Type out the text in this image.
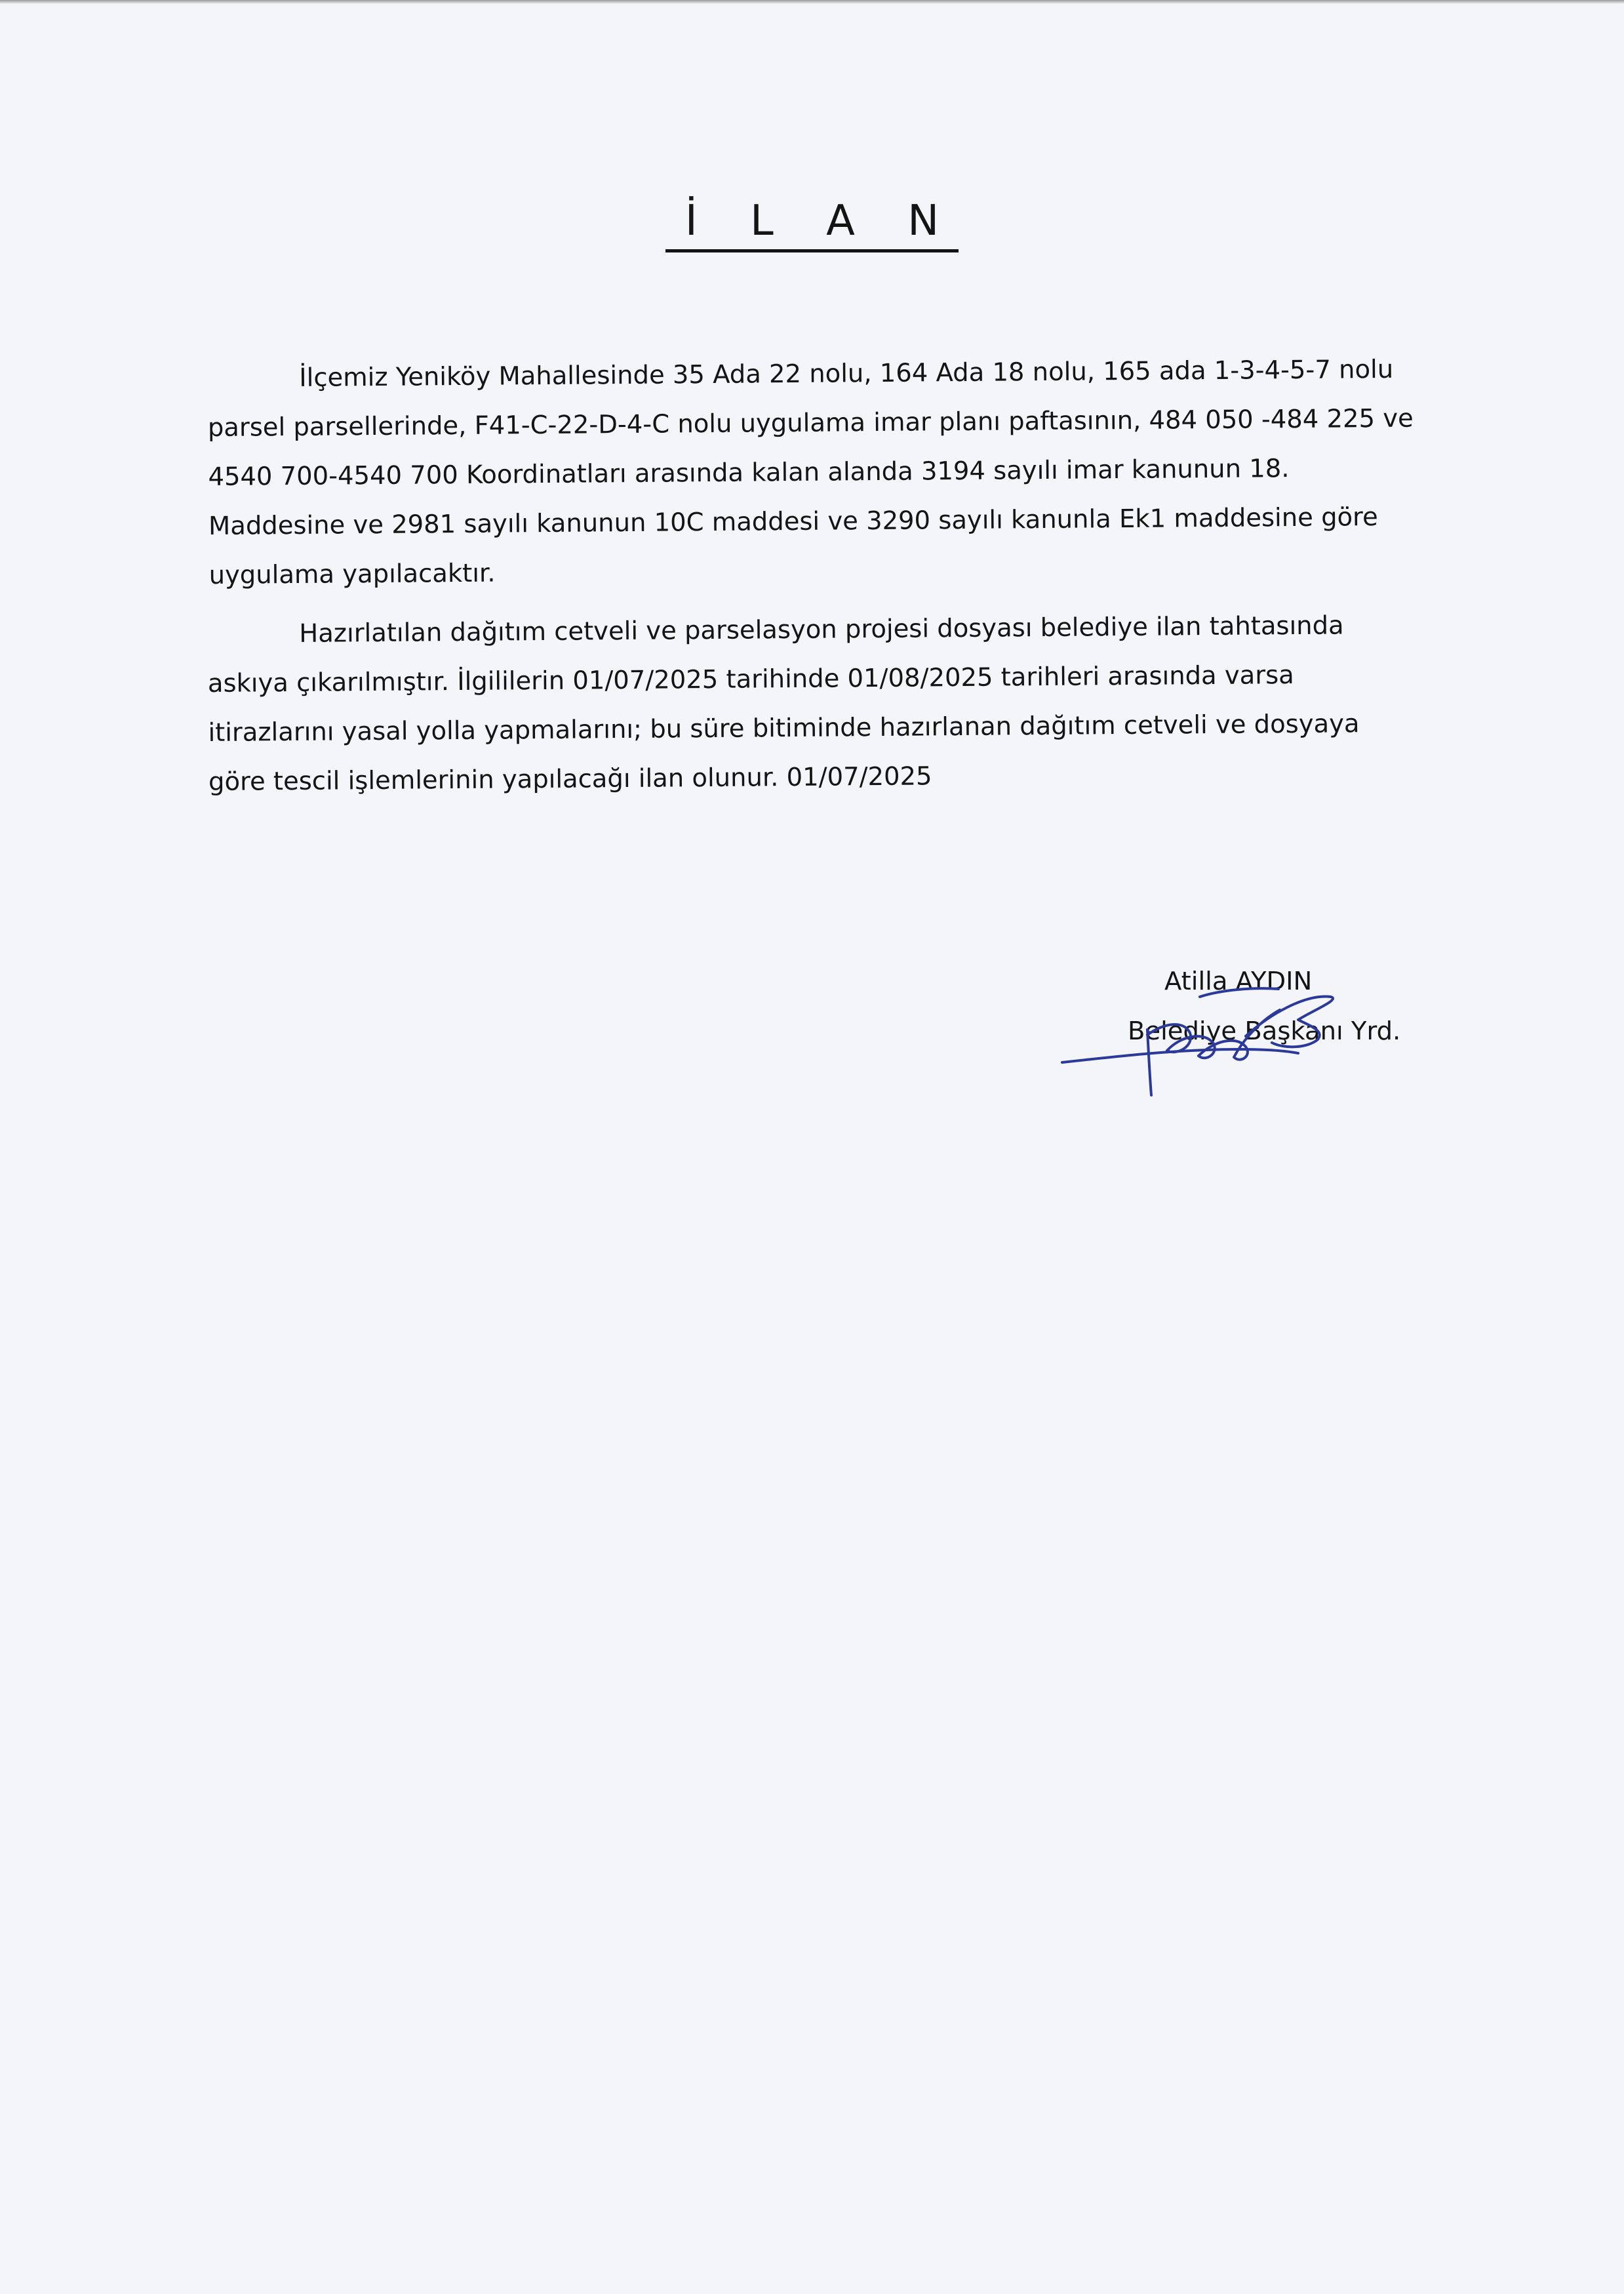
İ L A N

İlçemiz Yeniköy Mahallesinde 35 Ada 22 nolu, 164 Ada 18 nolu, 165 ada 1-3-4-5-7 nolu parsel parsellerinde, F41-C-22-D-4-C nolu uygulama imar planı paftasının, 484 050 -484 225 ve 4540 700-4540 700 Koordinatları arasında kalan alanda 3194 sayılı imar kanunun 18. Maddesine ve 2981 sayılı kanunun 10C maddesi ve 3290 sayılı kanunla Ek1 maddesine göre uygulama yapılacaktır.

Hazırlatılan dağıtım cetveli ve parselasyon projesi dosyası belediye ilan tahtasında askıya çıkarılmıştır. İlgililerin 01/07/2025 tarihinde 01/08/2025 tarihleri arasında varsa itirazlarını yasal yolla yapmalarını; bu süre bitiminde hazırlanan dağıtım cetveli ve dosyaya göre tescil işlemlerinin yapılacağı ilan olunur. 01/07/2025

Atilla AYDIN
Belediye Başkanı Yrd.
